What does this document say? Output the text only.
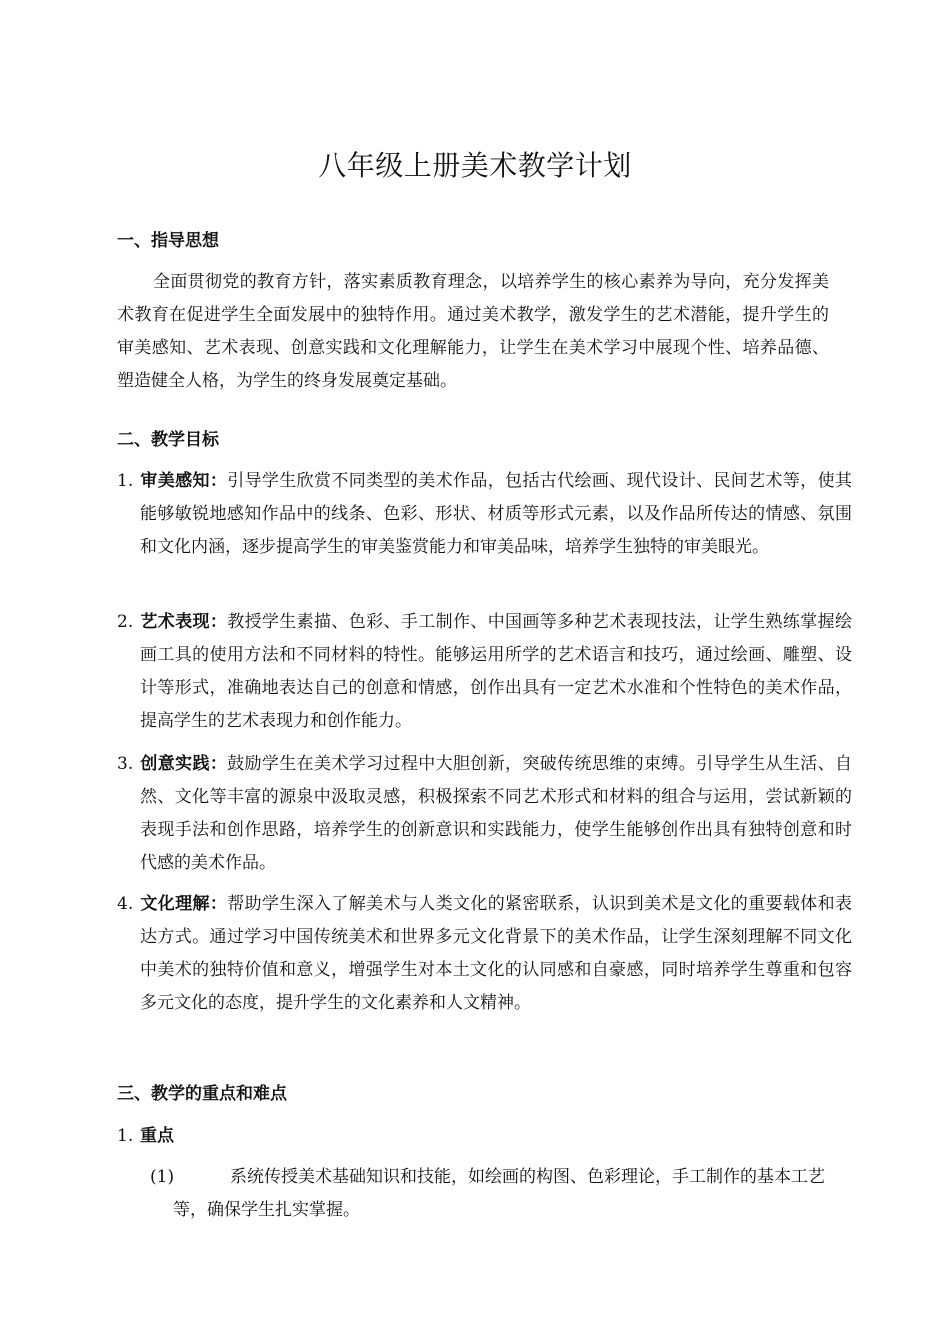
八年级上册美术教学计划
一、指导思想

全面贯彻党的教育方针，落实素质教育理念，以培养学生的核心素养为导向，充分发挥美术教育在促进学生全面发展中的独特作用。通过美术教学，激发学生的艺术潜能，提升学生的审美感知、艺术表现、创意实践和文化理解能力，让学生在美术学习中展现个性、培养品德、塑造健全人格，为学生的终身发展奠定基础。

二、教学目标

1. 审美感知：引导学生欣赏不同类型的美术作品，包括古代绘画、现代设计、民间艺术等，使其能够敏锐地感知作品中的线条、色彩、形状、材质等形式元素，以及作品所传达的情感、氛围和文化内涵，逐步提高学生的审美鉴赏能力和审美品味，培养学生独特的审美眼光。

2. 艺术表现：教授学生素描、色彩、手工制作、中国画等多种艺术表现技法，让学生熟练掌握绘画工具的使用方法和不同材料的特性。能够运用所学的艺术语言和技巧，通过绘画、雕塑、设计等形式，准确地表达自己的创意和情感，创作出具有一定艺术水准和个性特色的美术作品，提高学生的艺术表现力和创作能力。

3. 创意实践：鼓励学生在美术学习过程中大胆创新，突破传统思维的束缚。引导学生从生活、自然、文化等丰富的源泉中汲取灵感，积极探索不同艺术形式和材料的组合与运用，尝试新颖的表现手法和创作思路，培养学生的创新意识和实践能力，使学生能够创作出具有独特创意和时代感的美术作品。

4. 文化理解：帮助学生深入了解美术与人类文化的紧密联系，认识到美术是文化的重要载体和表达方式。通过学习中国传统美术和世界多元文化背景下的美术作品，让学生深刻理解不同文化中美术的独特价值和意义，增强学生对本土文化的认同感和自豪感，同时培养学生尊重和包容多元文化的态度，提升学生的文化素养和人文精神。

三、教学的重点和难点

1. 重点

(1)	系统传授美术基础知识和技能，如绘画的构图、色彩理论，手工制作的基本工艺等，确保学生扎实掌握。
